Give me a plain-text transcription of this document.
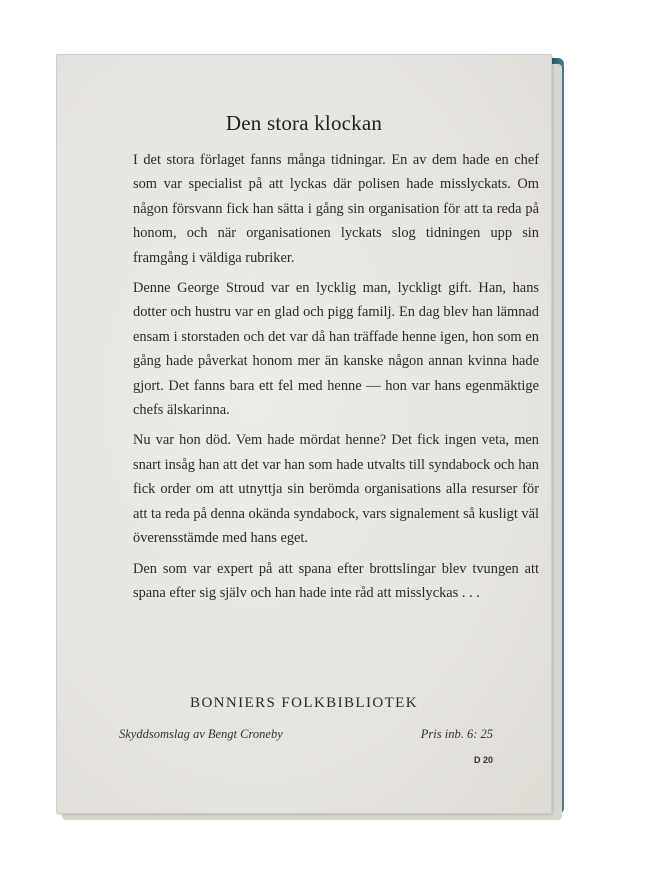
Den stora klockan

I det stora förlaget fanns många tidningar. En av dem hade en chef som var specialist på att lyckas där polisen hade misslyckats. Om någon försvann fick han sätta i gång sin organisation för att ta reda på honom, och när organisationen lyckats slog tidningen upp sin framgång i väldiga rubriker.

Denne George Stroud var en lycklig man, lyckligt gift. Han, hans dotter och hustru var en glad och pigg familj. En dag blev han lämnad ensam i storstaden och det var då han träffade henne igen, hon som en gång hade påverkat honom mer än kanske någon annan kvinna hade gjort. Det fanns bara ett fel med henne — hon var hans egenmäktige chefs älskarinna.

Nu var hon död. Vem hade mördat henne? Det fick ingen veta, men snart insåg han att det var han som hade utvalts till syndabock och han fick order om att utnyttja sin berömda organisations alla resurser för att ta reda på denna okända syndabock, vars signalement så kusligt väl överensstämde med hans eget.

Den som var expert på att spana efter brottslingar blev tvungen att spana efter sig själv och han hade inte råd att misslyckas . . .

BONNIERS FOLKBIBLIOTEK
Skyddsomslag av Bengt Croneby	Pris inb. 6: 25
D 20
